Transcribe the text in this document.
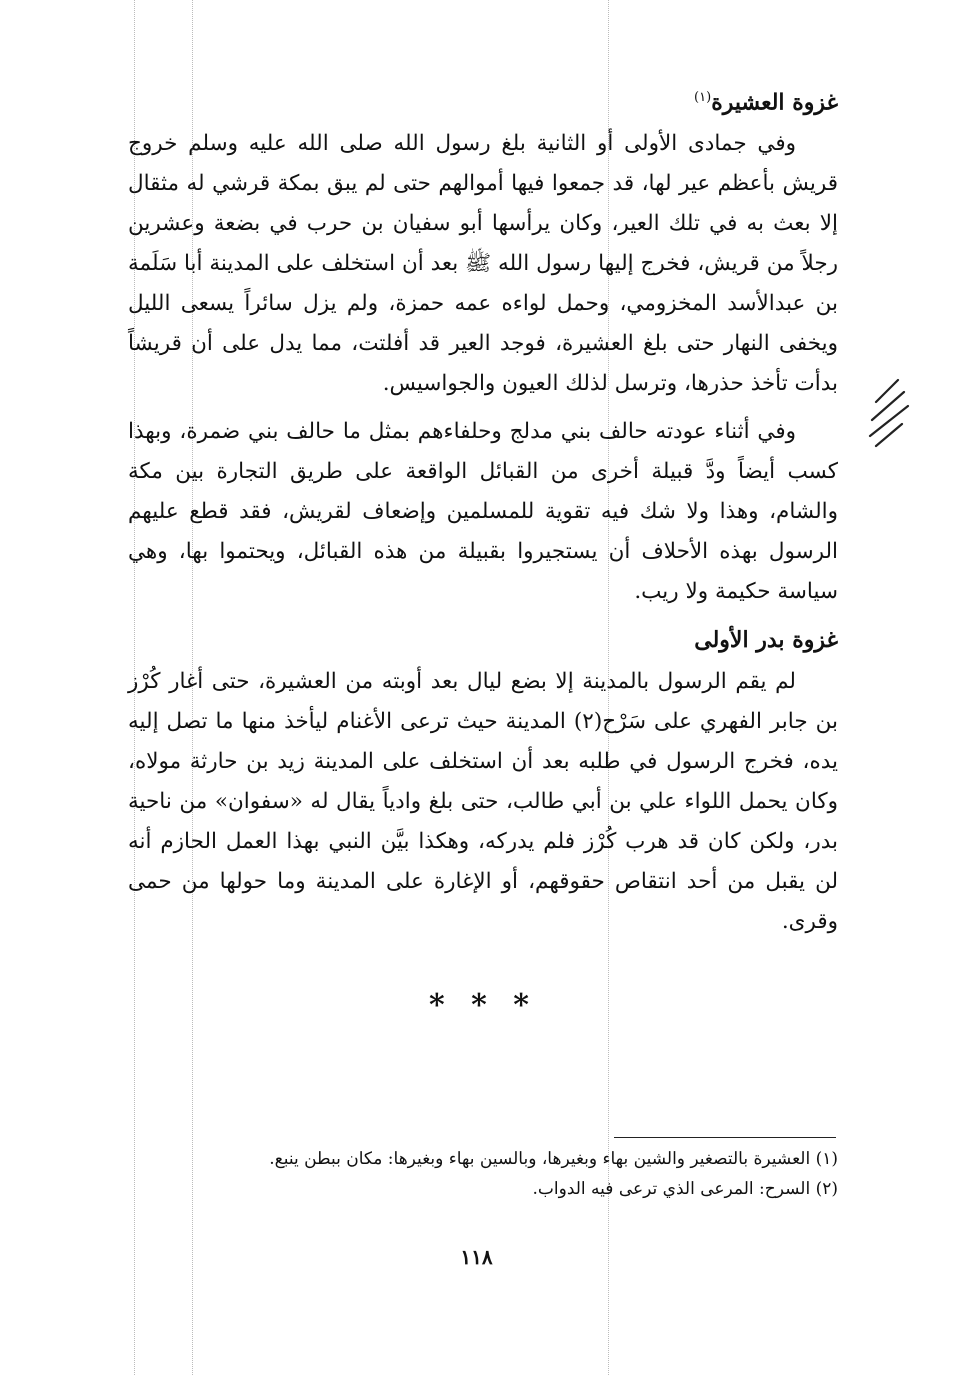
غزوة العشيرة$^{(١)}$

وفي جمادى الأولى أو الثانية بلغ رسول الله صلى الله عليه وسلم خروج قريش بأعظم عير لها، قد جمعوا فيها أموالهم حتى لم يبق بمكة قرشي له مثقال إلا بعث به في تلك العير، وكان يرأسها أبو سفيان بن حرب في بضعة وعشرين رجلاً من قريش، فخرج إليها رسول الله ﷺ بعد أن استخلف على المدينة أبا سَلَمة بن عبدالأسد المخزومي، وحمل لواءه عمه حمزة، ولم يزل سائراً يسعى الليل ويخفى النهار حتى بلغ العشيرة، فوجد العير قد أفلتت، مما يدل على أن قريشاً بدأت تأخذ حذرها، وترسل لذلك العيون والجواسيس.

وفي أثناء عودته حالف بني مدلج وحلفاءهم بمثل ما حالف بني ضمرة، وبهذا كسب أيضاً ودَّ قبيلة أخرى من القبائل الواقعة على طريق التجارة بين مكة والشام، وهذا ولا شك فيه تقوية للمسلمين وإضعاف لقريش، فقد قطع عليهم الرسول بهذه الأحلاف أن يستجيروا بقبيلة من هذه القبائل، ويحتموا بها، وهي سياسة حكيمة ولا ريب.

غزوة بدر الأولى

لم يقم الرسول بالمدينة إلا بضع ليال بعد أوبته من العشيرة، حتى أغار كُرْز بن جابر الفهري على سَرْح(٢) المدينة حيث ترعى الأغنام ليأخذ منها ما تصل إليه يده، فخرج الرسول في طلبه بعد أن استخلف على المدينة زيد بن حارثة مولاه، وكان يحمل اللواء علي بن أبي طالب، حتى بلغ وادياً يقال له «سفوان» من ناحية بدر، ولكن كان قد هرب كُرْز فلم يدركه، وهكذا بيَّن النبي بهذا العمل الحازم أنه لن يقبل من أحد انتقاص حقوقهم، أو الإغارة على المدينة وما حولها من حمى وقرى.

* * *
(١) العشيرة بالتصغير والشين بهاء وبغيرها، وبالسين بهاء وبغيرها: مكان ببطن ينبع.
(٢) السرح: المرعى الذي ترعى فيه الدواب.
١١٨
